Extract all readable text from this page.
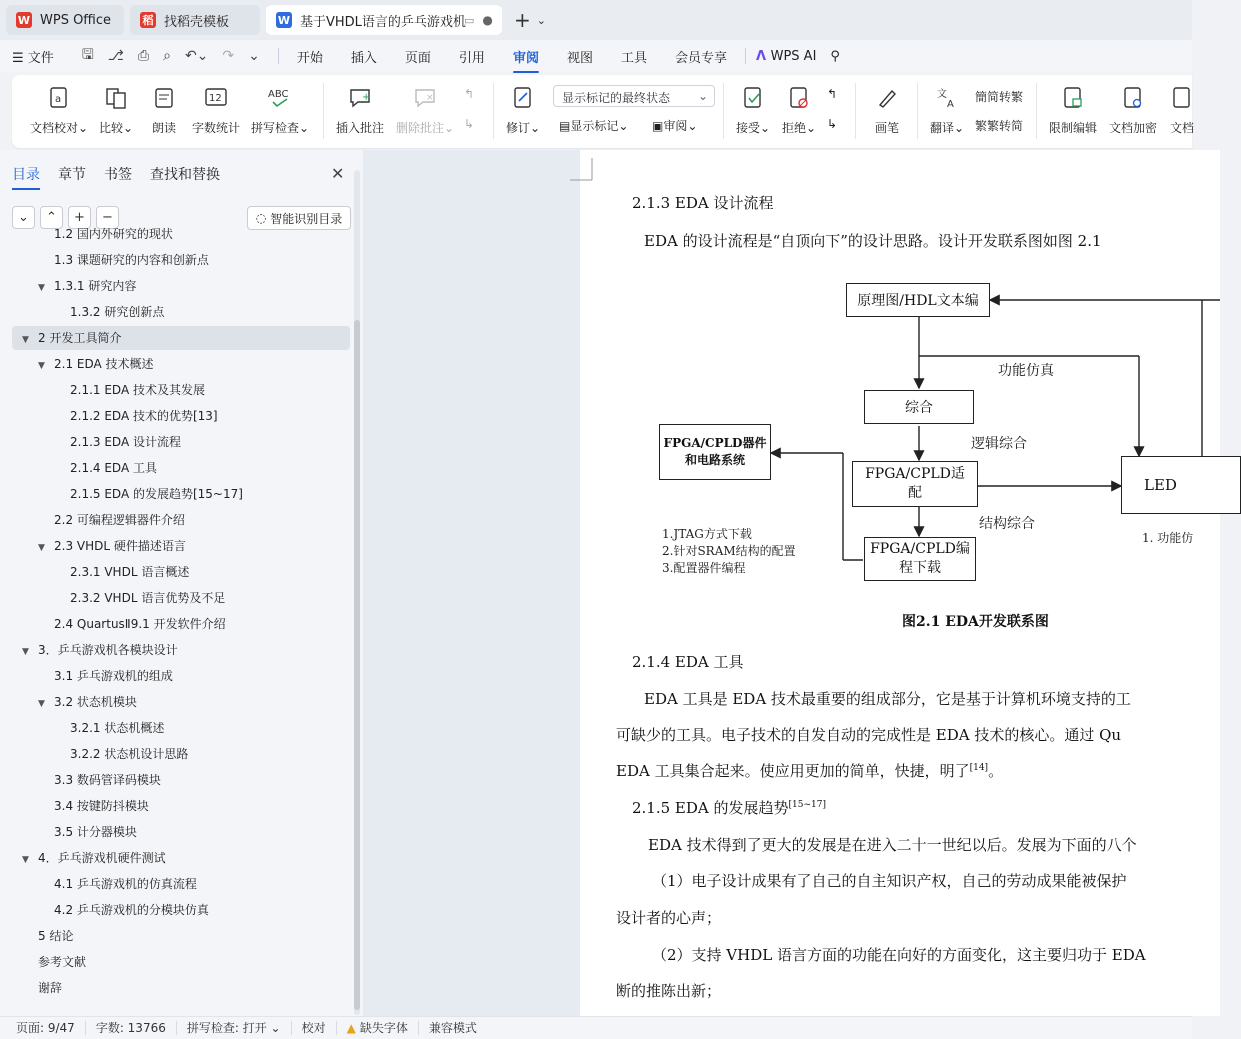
W WPS Office	稻 找稻壳模板	W 基于VHDL语言的乒乓游戏机
▭ ● + ⌄
☰ 文件 🖫 ⎇ ⎙ ⌕ ↶⌄ ↷ ⌄	开始 插入 页面 引用 审阅 视图 工具 会员专享 ᐱ WPS AI ⚲
a
文档校对⌄ 比较⌄ 朗读
12
字数统计
ABC
拼写检查⌄
+
插入批注
×
删除批注⌄
↰
↳	修订⌄
显示标记的最终状态 ⌄
▤ 显示标记 ⌄ ▣ 审阅 ⌄	接受⌄ 拒绝⌄
↰
↳	画笔
文
A
翻译⌄
簡 简转繁
繁 繁转简 限制编辑 文档加密 文档
目录 章节 书签 查找和替换	✕
⌄	⌃	+	−	◌ 智能识别目录
1.2 国内外研究的现状
1.3 课题研究的内容和创新点
▼ 1.3.1 研究内容
1.3.2 研究创新点
▼ 2 开发工具简介
▼ 2.1 EDA 技术概述
2.1.1 EDA 技术及其发展
2.1.2 EDA 技术的优势[13]
2.1.3 EDA 设计流程
2.1.4 EDA 工具
2.1.5 EDA 的发展趋势[15~17]
2.2 可编程逻辑器件介绍
▼ 2.3 VHDL 硬件描述语言
2.3.1 VHDL 语言概述
2.3.2 VHDL 语言优势及不足
2.4 QuartusⅡ9.1 开发软件介绍
▼ 3．乒乓游戏机各模块设计
3.1 乒乓游戏机的组成
▼ 3.2 状态机模块
3.2.1 状态机概述
3.2.2 状态机设计思路
3.3 数码管译码模块
3.4 按键防抖模块
3.5 计分器模块
▼ 4．乒乓游戏机硬件测试
4.1 乒乓游戏机的仿真流程
4.2 乒乓游戏机的分模块仿真
5 结论
参考文献
谢辞
2.1.3 EDA 设计流程
EDA 的设计流程是“自顶向下”的设计思路。设计开发联系图如图 2.1
原理图/HDL文本编
功能仿真
综合
逻辑综合
FPGA/CPLD器件
和电路系统
FPGA/CPLD适
配
结构综合
LED
1.JTAG方式下载
2.针对SRAM结构的配置
3.配置器件编程
FPGA/CPLD编
程下载
1. 功能仿
图2.1 EDA开发联系图
2.1.4 EDA 工具
EDA 工具是 EDA 技术最重要的组成部分，它是基于计算机环境支持的工
可缺少的工具。电子技术的自发自动的完成性是 EDA 技术的核心。通过 Qu
EDA 工具集合起来。使应用更加的简单，快捷，明了[14]。
2.1.5 EDA 的发展趋势[15~17]
EDA 技术得到了更大的发展是在进入二十一世纪以后。发展为下面的八个
（1）电子设计成果有了自己的自主知识产权，自己的劳动成果能被保护
设计者的心声；
（2）支持 VHDL 语言方面的功能在向好的方面变化，这主要归功于 EDA
断的推陈出新；
页面: 9/47	字数: 13766	拼写检查: 打开 ⌄	校对	▲ 缺失字体	兼容模式
